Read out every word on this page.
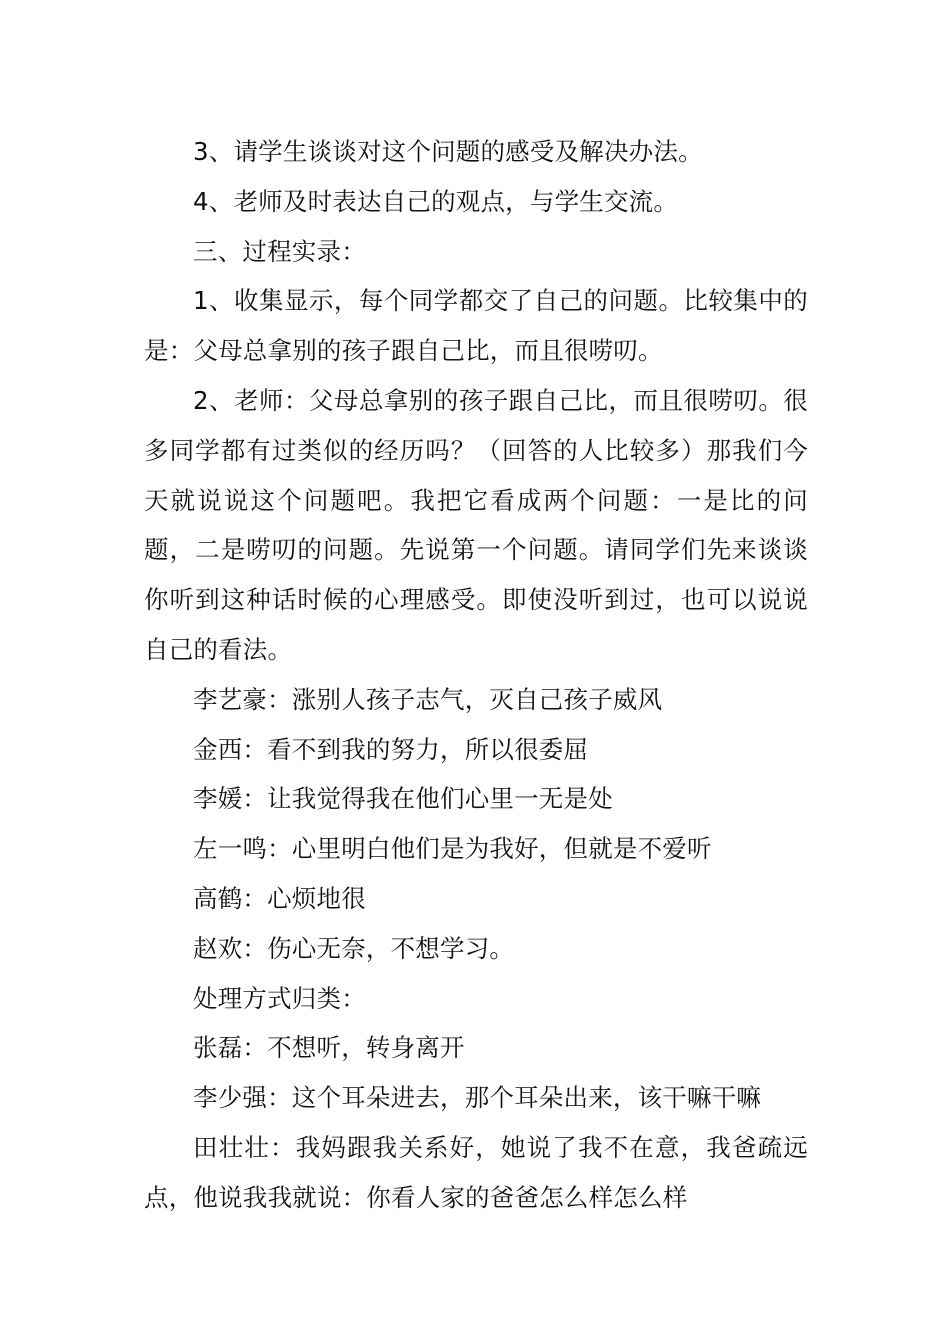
3、请学生谈谈对这个问题的感受及解决办法。

4、老师及时表达自己的观点，与学生交流。

三、过程实录：

1、收集显示，每个同学都交了自己的问题。比较集中的是：父母总拿别的孩子跟自己比，而且很唠叨。

2、老师：父母总拿别的孩子跟自己比，而且很唠叨。很多同学都有过类似的经历吗？（回答的人比较多）那我们今天就说说这个问题吧。我把它看成两个问题：一是比的问题，二是唠叨的问题。先说第一个问题。请同学们先来谈谈你听到这种话时候的心理感受。即使没听到过，也可以说说自己的看法。

李艺豪：涨别人孩子志气，灭自己孩子威风

金西：看不到我的努力，所以很委屈

李媛：让我觉得我在他们心里一无是处

左一鸣：心里明白他们是为我好，但就是不爱听

高鹤：心烦地很

赵欢：伤心无奈，不想学习。

处理方式归类：

张磊：不想听，转身离开

李少强：这个耳朵进去，那个耳朵出来，该干嘛干嘛

田壮壮：我妈跟我关系好，她说了我不在意，我爸疏远点，他说我我就说：你看人家的爸爸怎么样怎么样
